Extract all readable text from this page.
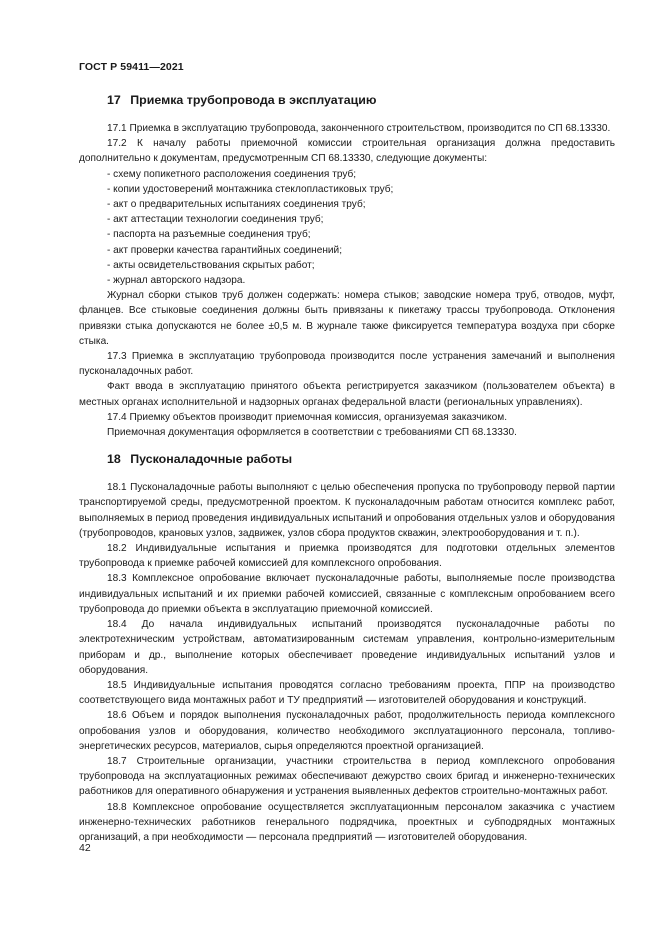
ГОСТ Р 59411—2021
17 Приемка трубопровода в эксплуатацию

17.1 Приемка в эксплуатацию трубопровода, законченного строительством, производится по СП 68.13330.

17.2 К началу работы приемочной комиссии строительная организация должна предоставить дополнительно к документам, предусмотренным СП 68.13330, следующие документы:

- схему попикетного расположения соединения труб;
- копии удостоверений монтажника стеклопластиковых труб;
- акт о предварительных испытаниях соединения труб;
- акт аттестации технологии соединения труб;
- паспорта на разъемные соединения труб;
- акт проверки качества гарантийных соединений;
- акты освидетельствования скрытых работ;
- журнал авторского надзора.

Журнал сборки стыков труб должен содержать: номера стыков; заводские номера труб, отводов, муфт, фланцев. Все стыковые соединения должны быть привязаны к пикетажу трассы трубопровода. Отклонения привязки стыка допускаются не более ±0,5 м. В журнале также фиксируется температура воздуха при сборке стыка.

17.3 Приемка в эксплуатацию трубопровода производится после устранения замечаний и выполнения пусконаладочных работ.

Факт ввода в эксплуатацию принятого объекта регистрируется заказчиком (пользователем объекта) в местных органах исполнительной и надзорных органах федеральной власти (региональных управлениях).

17.4 Приемку объектов производит приемочная комиссия, организуемая заказчиком.

Приемочная документация оформляется в соответствии с требованиями СП 68.13330.

18 Пусконаладочные работы

18.1 Пусконаладочные работы выполняют с целью обеспечения пропуска по трубопроводу первой партии транспортируемой среды, предусмотренной проектом. К пусконаладочным работам относится комплекс работ, выполняемых в период проведения индивидуальных испытаний и опробования отдельных узлов и оборудования (трубопроводов, крановых узлов, задвижек, узлов сбора продуктов скважин, электрооборудования и т. п.).

18.2 Индивидуальные испытания и приемка производятся для подготовки отдельных элементов трубопровода к приемке рабочей комиссией для комплексного опробования.

18.3 Комплексное опробование включает пусконаладочные работы, выполняемые после производства индивидуальных испытаний и их приемки рабочей комиссией, связанные с комплексным опробованием всего трубопровода до приемки объекта в эксплуатацию приемочной комиссией.

18.4 До начала индивидуальных испытаний производятся пусконаладочные работы по электротехническим устройствам, автоматизированным системам управления, контрольно-измерительным приборам и др., выполнение которых обеспечивает проведение индивидуальных испытаний узлов и оборудования.

18.5 Индивидуальные испытания проводятся согласно требованиям проекта, ППР на производство соответствующего вида монтажных работ и ТУ предприятий — изготовителей оборудования и конструкций.

18.6 Объем и порядок выполнения пусконаладочных работ, продолжительность периода комплексного опробования узлов и оборудования, количество необходимого эксплуатационного персонала, топливо-энергетических ресурсов, материалов, сырья определяются проектной организацией.

18.7 Строительные организации, участники строительства в период комплексного опробования трубопровода на эксплуатационных режимах обеспечивают дежурство своих бригад и инженерно-технических работников для оперативного обнаружения и устранения выявленных дефектов строительно-монтажных работ.

18.8 Комплексное опробование осуществляется эксплуатационным персоналом заказчика с участием инженерно-технических работников генерального подрядчика, проектных и субподрядных монтажных организаций, а при необходимости — персонала предприятий — изготовителей оборудования.

42
